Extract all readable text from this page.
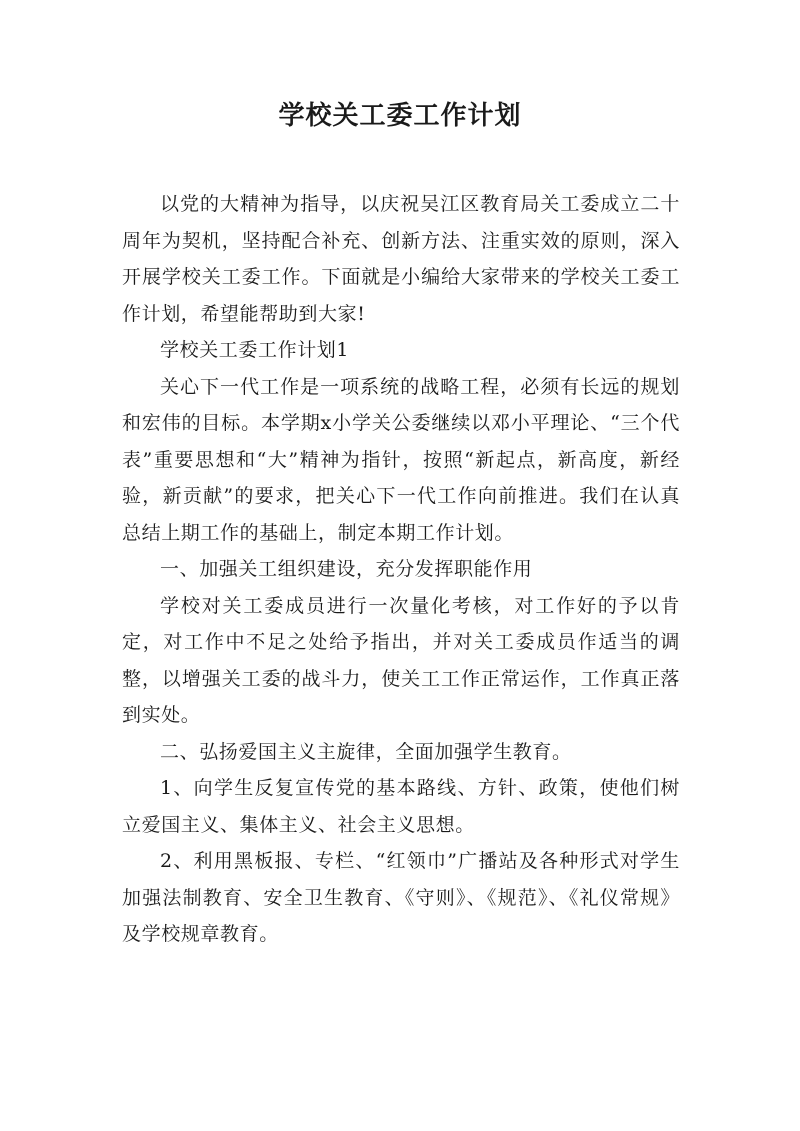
学校关工委工作计划

以党的大精神为指导，以庆祝吴江区教育局关工委成立二十周年为契机，坚持配合补充、创新方法、注重实效的原则，深入开展学校关工委工作。下面就是小编给大家带来的学校关工委工作计划，希望能帮助到大家!

学校关工委工作计划1

关心下一代工作是一项系统的战略工程，必须有长远的规划和宏伟的目标。本学期x小学关公委继续以邓小平理论、“三个代表”重要思想和“大”精神为指针，按照“新起点，新高度，新经验，新贡献”的要求，把关心下一代工作向前推进。我们在认真总结上期工作的基础上，制定本期工作计划。

一、加强关工组织建设，充分发挥职能作用

学校对关工委成员进行一次量化考核，对工作好的予以肯定，对工作中不足之处给予指出，并对关工委成员作适当的调整，以增强关工委的战斗力，使关工工作正常运作，工作真正落到实处。

二、弘扬爱国主义主旋律，全面加强学生教育。

1、向学生反复宣传党的基本路线、方针、政策，使他们树立爱国主义、集体主义、社会主义思想。

2、利用黑板报、专栏、“红领巾”广播站及各种形式对学生加强法制教育、安全卫生教育、《守则》、《规范》、《礼仪常规》及学校规章教育。
